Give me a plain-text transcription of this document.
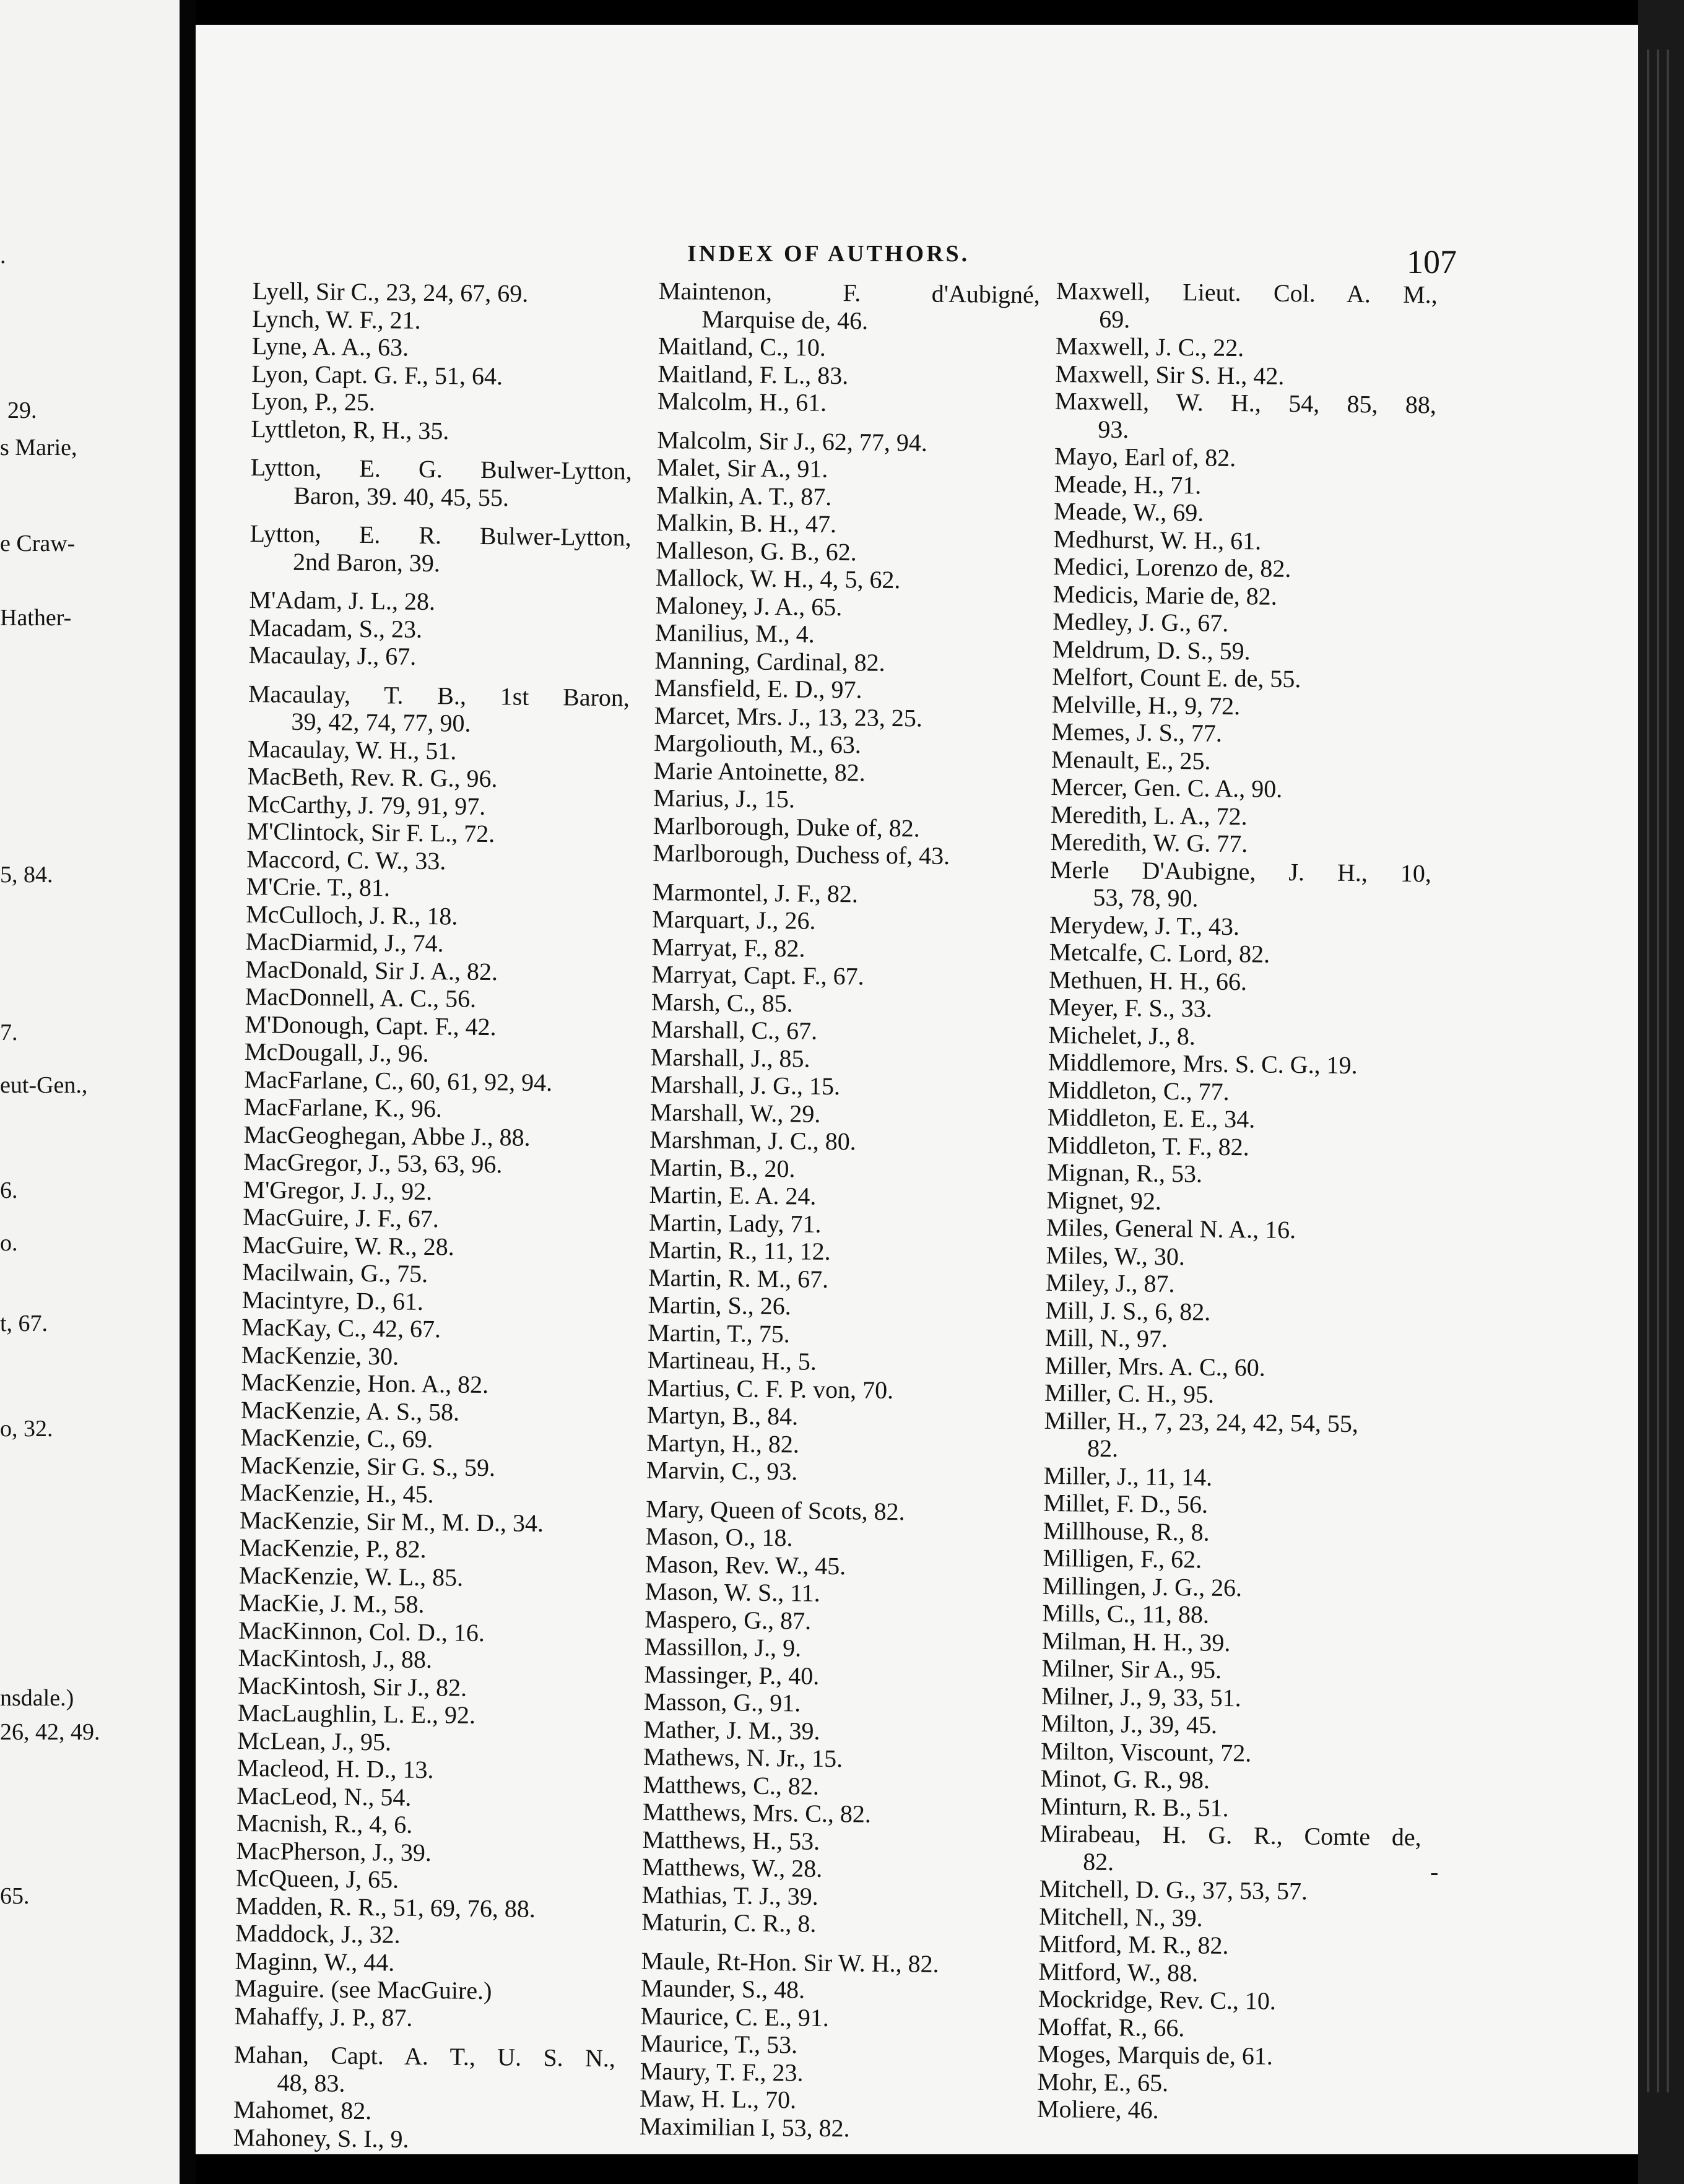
.
29.
s Marie,
e Craw-
Hather-
5, 84.
7.
eut-Gen.,
6.
o.
t, 67.
o, 32.
nsdale.)
26, 42, 49.
65.
INDEX OF AUTHORS.	107
Lyell, Sir C., 23, 24, 67, 69.
Lynch, W. F., 21.
Lyne, A. A., 63.
Lyon, Capt. G. F., 51, 64.
Lyon, P., 25.
Lyttleton, R, H., 35.
Lytton, E. G. Bulwer-Lytton,
Baron, 39. 40, 45, 55.
Lytton, E. R. Bulwer-Lytton,
2nd Baron, 39.
M'Adam, J. L., 28.
Macadam, S., 23.
Macaulay, J., 67.
Macaulay, T. B., 1st Baron,
39, 42, 74, 77, 90.
Macaulay, W. H., 51.
MacBeth, Rev. R. G., 96.
McCarthy, J. 79, 91, 97.
M'Clintock, Sir F. L., 72.
Maccord, C. W., 33.
M'Crie. T., 81.
McCulloch, J. R., 18.
MacDiarmid, J., 74.
MacDonald, Sir J. A., 82.
MacDonnell, A. C., 56.
M'Donough, Capt. F., 42.
McDougall, J., 96.
MacFarlane, C., 60, 61, 92, 94.
MacFarlane, K., 96.
MacGeoghegan, Abbe J., 88.
MacGregor, J., 53, 63, 96.
M'Gregor, J. J., 92.
MacGuire, J. F., 67.
MacGuire, W. R., 28.
Macilwain, G., 75.
Macintyre, D., 61.
MacKay, C., 42, 67.
MacKenzie, 30.
MacKenzie, Hon. A., 82.
MacKenzie, A. S., 58.
MacKenzie, C., 69.
MacKenzie, Sir G. S., 59.
MacKenzie, H., 45.
MacKenzie, Sir M., M. D., 34.
MacKenzie, P., 82.
MacKenzie, W. L., 85.
MacKie, J. M., 58.
MacKinnon, Col. D., 16.
MacKintosh, J., 88.
MacKintosh, Sir J., 82.
MacLaughlin, L. E., 92.
McLean, J., 95.
Macleod, H. D., 13.
MacLeod, N., 54.
Macnish, R., 4, 6.
MacPherson, J., 39.
McQueen, J, 65.
Madden, R. R., 51, 69, 76, 88.
Maddock, J., 32.
Maginn, W., 44.
Maguire. (see MacGuire.)
Mahaffy, J. P., 87.
Mahan, Capt. A. T., U. S. N.,
48, 83.
Mahomet, 82.
Mahoney, S. I., 9.
Maintenon, F. d'Aubigné,
Marquise de, 46.
Maitland, C., 10.
Maitland, F. L., 83.
Malcolm, H., 61.
Malcolm, Sir J., 62, 77, 94.
Malet, Sir A., 91.
Malkin, A. T., 87.
Malkin, B. H., 47.
Malleson, G. B., 62.
Mallock, W. H., 4, 5, 62.
Maloney, J. A., 65.
Manilius, M., 4.
Manning, Cardinal, 82.
Mansfield, E. D., 97.
Marcet, Mrs. J., 13, 23, 25.
Margoliouth, M., 63.
Marie Antoinette, 82.
Marius, J., 15.
Marlborough, Duke of, 82.
Marlborough, Duchess of, 43.
Marmontel, J. F., 82.
Marquart, J., 26.
Marryat, F., 82.
Marryat, Capt. F., 67.
Marsh, C., 85.
Marshall, C., 67.
Marshall, J., 85.
Marshall, J. G., 15.
Marshall, W., 29.
Marshman, J. C., 80.
Martin, B., 20.
Martin, E. A. 24.
Martin, Lady, 71.
Martin, R., 11, 12.
Martin, R. M., 67.
Martin, S., 26.
Martin, T., 75.
Martineau, H., 5.
Martius, C. F. P. von, 70.
Martyn, B., 84.
Martyn, H., 82.
Marvin, C., 93.
Mary, Queen of Scots, 82.
Mason, O., 18.
Mason, Rev. W., 45.
Mason, W. S., 11.
Maspero, G., 87.
Massillon, J., 9.
Massinger, P., 40.
Masson, G., 91.
Mather, J. M., 39.
Mathews, N. Jr., 15.
Matthews, C., 82.
Matthews, Mrs. C., 82.
Matthews, H., 53.
Matthews, W., 28.
Mathias, T. J., 39.
Maturin, C. R., 8.
Maule, Rt-Hon. Sir W. H., 82.
Maunder, S., 48.
Maurice, C. E., 91.
Maurice, T., 53.
Maury, T. F., 23.
Maw, H. L., 70.
Maximilian I, 53, 82.
Maxwell, Lieut. Col. A. M.,
69.
Maxwell, J. C., 22.
Maxwell, Sir S. H., 42.
Maxwell, W. H., 54, 85, 88,
93.
Mayo, Earl of, 82.
Meade, H., 71.
Meade, W., 69.
Medhurst, W. H., 61.
Medici, Lorenzo de, 82.
Medicis, Marie de, 82.
Medley, J. G., 67.
Meldrum, D. S., 59.
Melfort, Count E. de, 55.
Melville, H., 9, 72.
Memes, J. S., 77.
Menault, E., 25.
Mercer, Gen. C. A., 90.
Meredith, L. A., 72.
Meredith, W. G. 77.
Merle D'Aubigne, J. H., 10,
53, 78, 90.
Merydew, J. T., 43.
Metcalfe, C. Lord, 82.
Methuen, H. H., 66.
Meyer, F. S., 33.
Michelet, J., 8.
Middlemore, Mrs. S. C. G., 19.
Middleton, C., 77.
Middleton, E. E., 34.
Middleton, T. F., 82.
Mignan, R., 53.
Mignet, 92.
Miles, General N. A., 16.
Miles, W., 30.
Miley, J., 87.
Mill, J. S., 6, 82.
Mill, N., 97.
Miller, Mrs. A. C., 60.
Miller, C. H., 95.
Miller, H., 7, 23, 24, 42, 54, 55,
82.
Miller, J., 11, 14.
Millet, F. D., 56.
Millhouse, R., 8.
Milligen, F., 62.
Millingen, J. G., 26.
Mills, C., 11, 88.
Milman, H. H., 39.
Milner, Sir A., 95.
Milner, J., 9, 33, 51.
Milton, J., 39, 45.
Milton, Viscount, 72.
Minot, G. R., 98.
Minturn, R. B., 51.
Mirabeau, H. G. R., Comte de,
82.
Mitchell, D. G., 37, 53, 57.
Mitchell, N., 39.
Mitford, M. R., 82.
Mitford, W., 88.
Mockridge, Rev. C., 10.
Moffat, R., 66.
Moges, Marquis de, 61.
Mohr, E., 65.
Moliere, 46.
-
